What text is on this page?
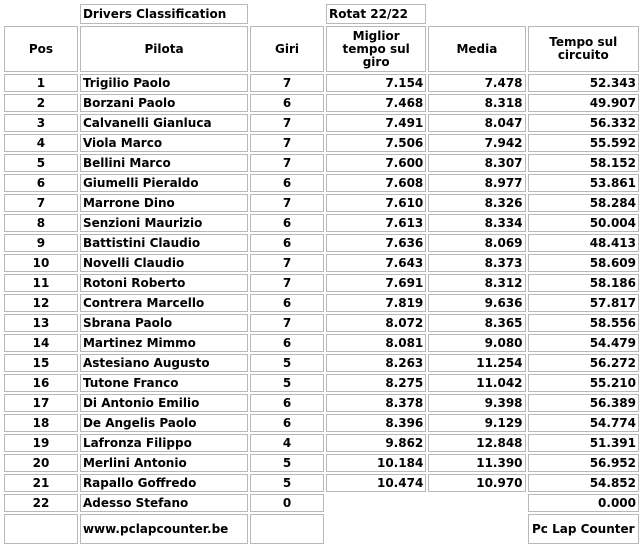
	Drivers Classification		Rotat 22/22		
Pos	Pilota	Giri	Miglior tempo sul giro	Media	Tempo sul circuito
1	Trigilio Paolo	7	7.154	7.478	52.343
2	Borzani Paolo	6	7.468	8.318	49.907
3	Calvanelli Gianluca	7	7.491	8.047	56.332
4	Viola Marco	7	7.506	7.942	55.592
5	Bellini Marco	7	7.600	8.307	58.152
6	Giumelli Pieraldo	6	7.608	8.977	53.861
7	Marrone Dino	7	7.610	8.326	58.284
8	Senzioni Maurizio	6	7.613	8.334	50.004
9	Battistini Claudio	6	7.636	8.069	48.413
10	Novelli Claudio	7	7.643	8.373	58.609
11	Rotoni Roberto	7	7.691	8.312	58.186
12	Contrera Marcello	6	7.819	9.636	57.817
13	Sbrana Paolo	7	8.072	8.365	58.556
14	Martinez Mimmo	6	8.081	9.080	54.479
15	Astesiano Augusto	5	8.263	11.254	56.272
16	Tutone Franco	5	8.275	11.042	55.210
17	Di Antonio Emilio	6	8.378	9.398	56.389
18	De Angelis Paolo	6	8.396	9.129	54.774
19	Lafronza Filippo	4	9.862	12.848	51.391
20	Merlini Antonio	5	10.184	11.390	56.952
21	Rapallo Goffredo	5	10.474	10.970	54.852
22	Adesso Stefano	0			0.000
	www.pclapcounter.be				Pc Lap Counter
